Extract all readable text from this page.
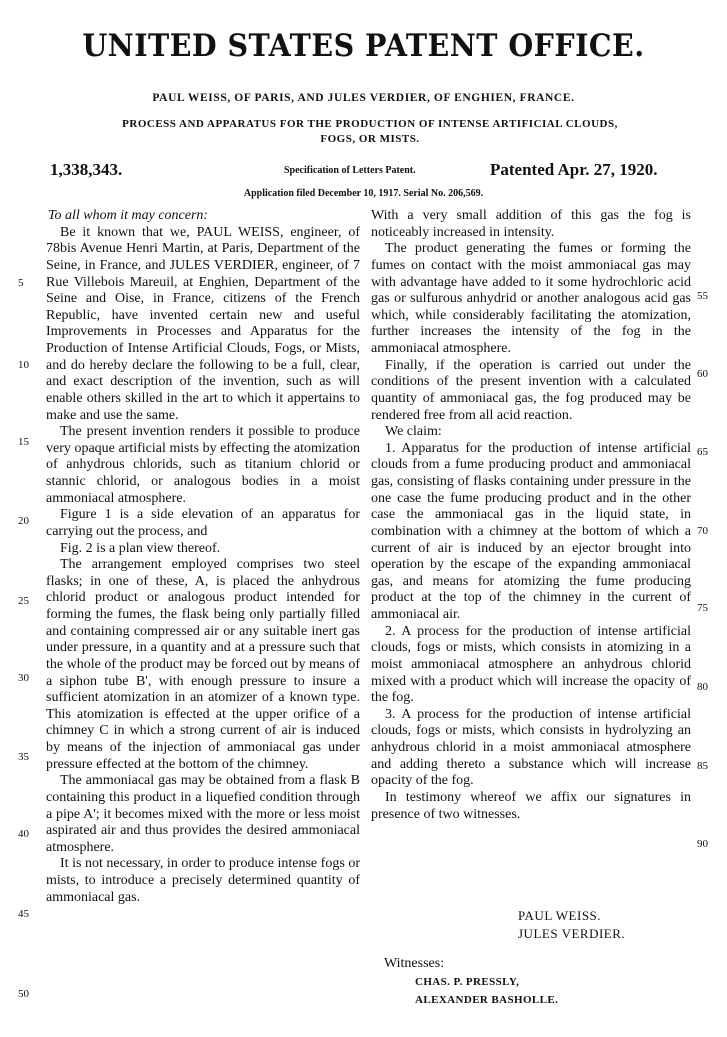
UNITED STATES PATENT OFFICE.
PAUL WEISS, OF PARIS, AND JULES VERDIER, OF ENGHIEN, FRANCE.
PROCESS AND APPARATUS FOR THE PRODUCTION OF INTENSE ARTIFICIAL CLOUDS,
FOGS, OR MISTS.
1,338,343.	Specification of Letters Patent.	Patented Apr. 27, 1920.
Application filed December 10, 1917. Serial No. 206,569.

To all whom it may concern:

Be it known that we, PAUL WEISS, engineer, of 78bis Avenue Henri Martin, at Paris, Department of the Seine, in France, and JULES VERDIER, engineer, of 7 Rue Villebois Mareuil, at Enghien, Department of the Seine and Oise, in France, citizens of the French Republic, have invented certain new and useful Improvements in Processes and Apparatus for the Production of Intense Artificial Clouds, Fogs, or Mists, and do hereby declare the following to be a full, clear, and exact description of the invention, such as will enable others skilled in the art to which it appertains to make and use the same.

The present invention renders it possible to produce very opaque artificial mists by effecting the atomization of anhydrous chlorids, such as titanium chlorid or stannic chlorid, or analogous bodies in a moist ammoniacal atmosphere.

Figure 1 is a side elevation of an apparatus for carrying out the process, and

Fig. 2 is a plan view thereof.

The arrangement employed comprises two steel flasks; in one of these, A, is placed the anhydrous chlorid product or analogous product intended for forming the fumes, the flask being only partially filled and containing compressed air or any suitable inert gas under pressure, in a quantity and at a pressure such that the whole of the product may be forced out by means of a siphon tube B', with enough pressure to insure a sufficient atomization in an atomizer of a known type. This atomization is effected at the upper orifice of a chimney C in which a strong current of air is induced by means of the injection of ammoniacal gas under pressure effected at the bottom of the chimney.

The ammoniacal gas may be obtained from a flask B containing this product in a liquefied condition through a pipe A'; it becomes mixed with the more or less moist aspirated air and thus provides the desired ammoniacal atmosphere.

It is not necessary, in order to produce intense fogs or mists, to introduce a precisely determined quantity of ammoniacal gas.

With a very small addition of this gas the fog is noticeably increased in intensity.

The product generating the fumes or forming the fumes on contact with the moist ammoniacal gas may with advantage have added to it some hydrochloric acid gas or sulfurous anhydrid or another analogous acid gas which, while considerably facilitating the atomization, further increases the intensity of the fog in the ammoniacal atmosphere.

Finally, if the operation is carried out under the conditions of the present invention with a calculated quantity of ammoniacal gas, the fog produced may be rendered free from all acid reaction.

We claim:

1. Apparatus for the production of intense artificial clouds from a fume producing product and ammoniacal gas, consisting of flasks containing under pressure in the one case the fume producing product and in the other case the ammoniacal gas in the liquid state, in combination with a chimney at the bottom of which a current of air is induced by an ejector brought into operation by the escape of the expanding ammoniacal gas, and means for atomizing the fume producing product at the top of the chimney in the current of ammoniacal air.

2. A process for the production of intense artificial clouds, fogs or mists, which consists in atomizing in a moist ammoniacal atmosphere an anhydrous chlorid mixed with a product which will increase the opacity of the fog.

3. A process for the production of intense artificial clouds, fogs or mists, which consists in hydrolyzing an anhydrous chlorid in a moist ammoniacal atmosphere and adding thereto a substance which will increase opacity of the fog.

In testimony whereof we affix our signatures in presence of two witnesses.

PAUL WEISS.
JULES VERDIER.
Witnesses:
CHAS. P. PRESSLY,
ALEXANDER BASHOLLE.
5
10
15
20
25
30
35
40
45
50
55
60
65
70
75
80
85
90
